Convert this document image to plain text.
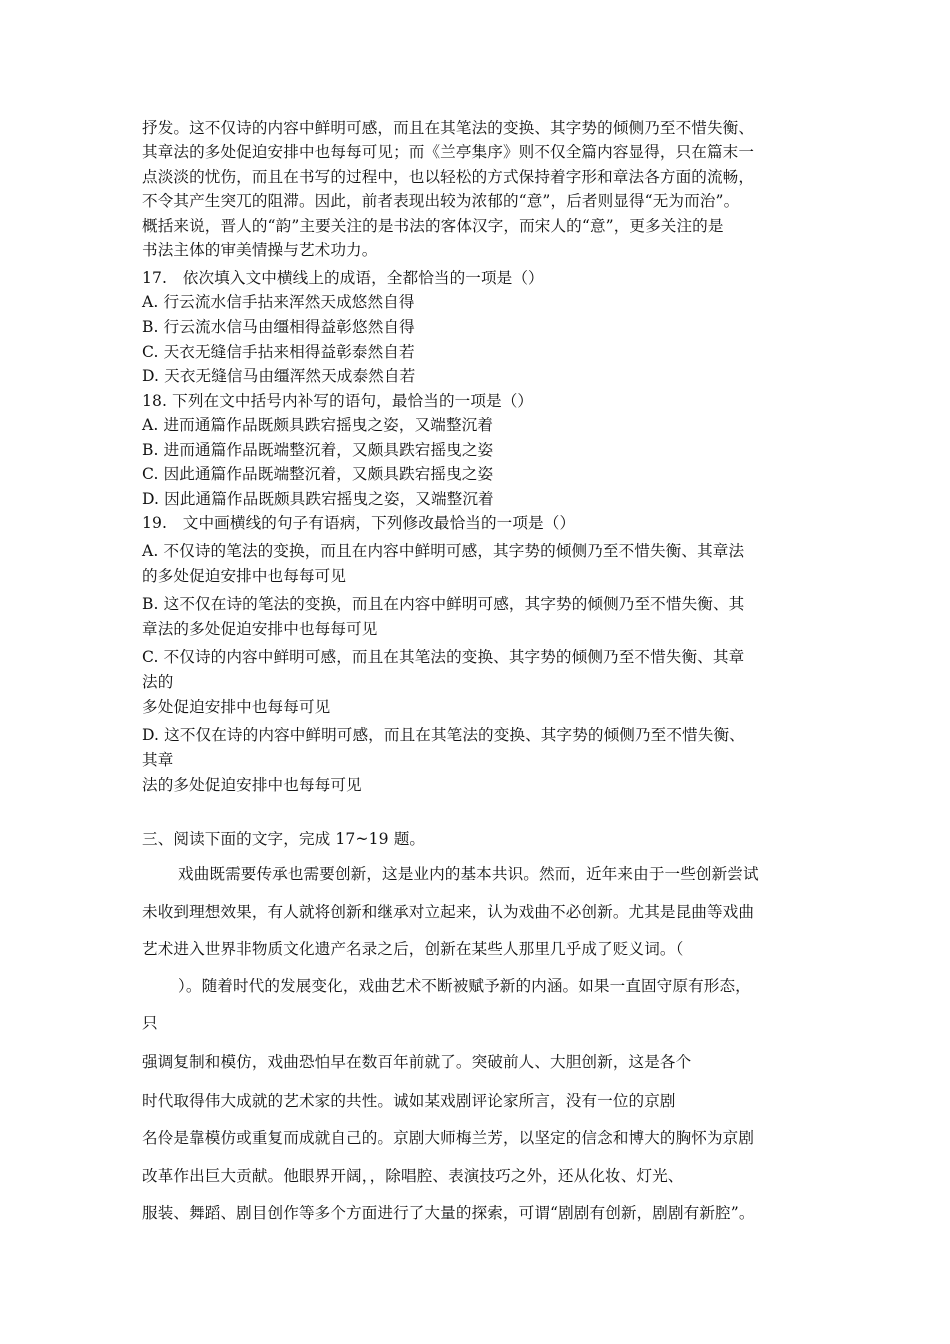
抒发。这不仅诗的内容中鲜明可感，而且在其笔法的变换、其字势的倾侧乃至不惜失衡、
其章法的多处促迫安排中也每每可见；而《兰亭集序》则不仅全篇内容显得，只在篇末一
点淡淡的忧伤，而且在书写的过程中，也以轻松的方式保持着字形和章法各方面的流畅，
不令其产生突兀的阻滞。因此，前者表现出较为浓郁的“意”，后者则显得“无为而治”。
概括来说，晋人的“韵”主要关注的是书法的客体汉字，而宋人的“意”，更多关注的是
书法主体的审美情操与艺术功力。
17.　依次填入文中横线上的成语，全都恰当的一项是（）
A. 行云流水信手拈来浑然天成悠然自得
B. 行云流水信马由缰相得益彰悠然自得
C. 天衣无缝信手拈来相得益彰泰然自若
D. 天衣无缝信马由缰浑然天成泰然自若
18. 下列在文中括号内补写的语句，最恰当的一项是（）
A. 进而通篇作品既颇具跌宕摇曳之姿，又端整沉着
B. 进而通篇作品既端整沉着，又颇具跌宕摇曳之姿
C. 因此通篇作品既端整沉着，又颇具跌宕摇曳之姿
D. 因此通篇作品既颇具跌宕摇曳之姿，又端整沉着
19.　文中画横线的句子有语病，下列修改最恰当的一项是（）
A. 不仅诗的笔法的变换，而且在内容中鲜明可感，其字势的倾侧乃至不惜失衡、其章法
的多处促迫安排中也每每可见
B. 这不仅在诗的笔法的变换，而且在内容中鲜明可感，其字势的倾侧乃至不惜失衡、其
章法的多处促迫安排中也每每可见
C. 不仅诗的内容中鲜明可感，而且在其笔法的变换、其字势的倾侧乃至不惜失衡、其章
法的
多处促迫安排中也每每可见
D. 这不仅在诗的内容中鲜明可感，而且在其笔法的变换、其字势的倾侧乃至不惜失衡、
其章
法的多处促迫安排中也每每可见
三、阅读下面的文字，完成 17~19 题。
戏曲既需要传承也需要创新，这是业内的基本共识。然而，近年来由于一些创新尝试
未收到理想效果，有人就将创新和继承对立起来，认为戏曲不必创新。尤其是昆曲等戏曲
艺术进入世界非物质文化遗产名录之后，创新在某些人那里几乎成了贬义词。（
）。随着时代的发展变化，戏曲艺术不断被赋予新的内涵。如果一直固守原有形态，
只
强调复制和模仿，戏曲恐怕早在数百年前就了。突破前人、大胆创新，这是各个
时代取得伟大成就的艺术家的共性。诚如某戏剧评论家所言，没有一位的京剧
名伶是靠模仿或重复而成就自己的。京剧大师梅兰芳，以坚定的信念和博大的胸怀为京剧
改革作出巨大贡献。他眼界开阔，，除唱腔、表演技巧之外，还从化妆、灯光、
服装、舞蹈、剧目创作等多个方面进行了大量的探索，可谓“剧剧有创新，剧剧有新腔”。
